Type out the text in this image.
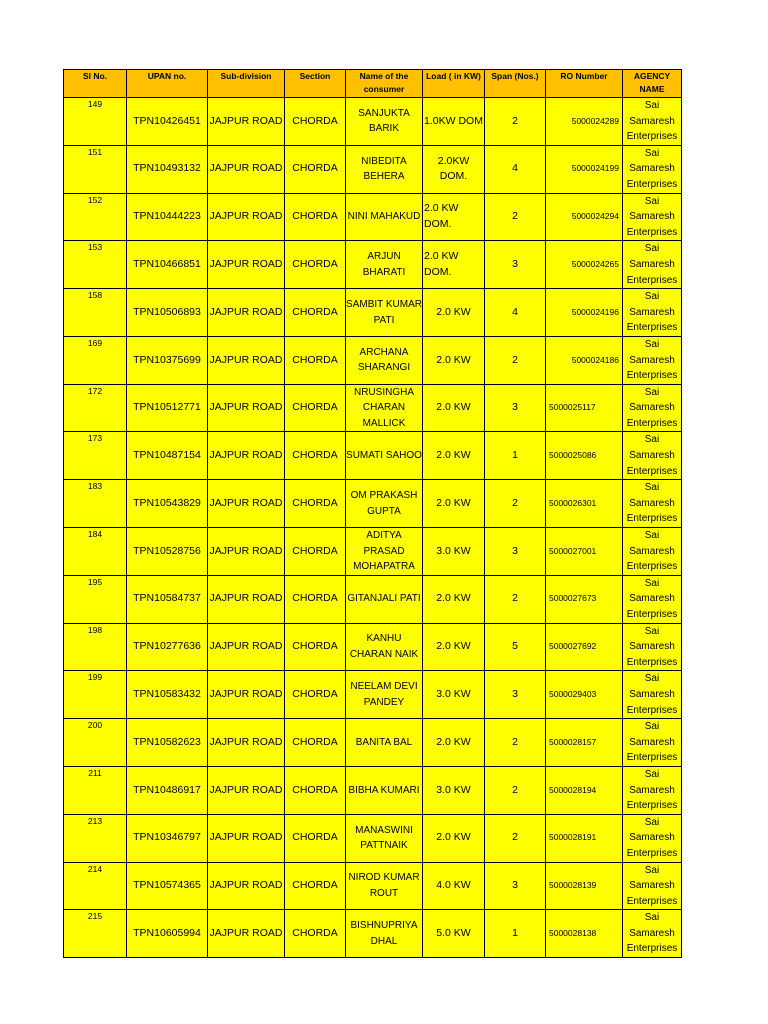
Sl No.	UPAN no.	Sub-division	Section	Name of the consumer	Load ( in KW)	Span (Nos.)	RO Number	AGENCY NAME
149	TPN10426451	JAJPUR ROAD	CHORDA	SANJUKTA BARIK	1.0KW DOM	2	5000024289	Sai Samaresh Enterprises
151	TPN10493132	JAJPUR ROAD	CHORDA	NIBEDITA BEHERA	2.0KW DOM.	4	5000024199	Sai Samaresh Enterprises
152	TPN10444223	JAJPUR ROAD	CHORDA	NINI MAHAKUD	2.0 KW DOM.	2	5000024294	Sai Samaresh Enterprises
153	TPN10466851	JAJPUR ROAD	CHORDA	ARJUN BHARATI	2.0 KW DOM.	3	5000024265	Sai Samaresh Enterprises
158	TPN10506893	JAJPUR ROAD	CHORDA	SAMBIT KUMAR PATI	2.0 KW	4	5000024196	Sai Samaresh Enterprises
169	TPN10375699	JAJPUR ROAD	CHORDA	ARCHANA SHARANGI	2.0 KW	2	5000024186	Sai Samaresh Enterprises
172	TPN10512771	JAJPUR ROAD	CHORDA	NRUSINGHA CHARAN MALLICK	2.0 KW	3	5000025117	Sai Samaresh Enterprises
173	TPN10487154	JAJPUR ROAD	CHORDA	SUMATI SAHOO	2.0 KW	1	5000025086	Sai Samaresh Enterprises
183	TPN10543829	JAJPUR ROAD	CHORDA	OM PRAKASH GUPTA	2.0 KW	2	5000026301	Sai Samaresh Enterprises
184	TPN10528756	JAJPUR ROAD	CHORDA	ADITYA PRASAD MOHAPATRA	3.0 KW	3	5000027001	Sai Samaresh Enterprises
195	TPN10584737	JAJPUR ROAD	CHORDA	GITANJALI PATI	2.0 KW	2	5000027673	Sai Samaresh Enterprises
198	TPN10277636	JAJPUR ROAD	CHORDA	KANHU CHARAN NAIK	2.0 KW	5	5000027692	Sai Samaresh Enterprises
199	TPN10583432	JAJPUR ROAD	CHORDA	NEELAM DEVI PANDEY	3.0 KW	3	5000029403	Sai Samaresh Enterprises
200	TPN10582623	JAJPUR ROAD	CHORDA	BANITA BAL	2.0 KW	2	5000028157	Sai Samaresh Enterprises
211	TPN10486917	JAJPUR ROAD	CHORDA	BIBHA KUMARI	3.0 KW	2	5000028194	Sai Samaresh Enterprises
213	TPN10346797	JAJPUR ROAD	CHORDA	MANASWINI PATTNAIK	2.0 KW	2	5000028191	Sai Samaresh Enterprises
214	TPN10574365	JAJPUR ROAD	CHORDA	NIROD KUMAR ROUT	4.0 KW	3	5000028139	Sai Samaresh Enterprises
215	TPN10605994	JAJPUR ROAD	CHORDA	BISHNUPRIYA DHAL	5.0 KW	1	5000028138	Sai Samaresh Enterprises
